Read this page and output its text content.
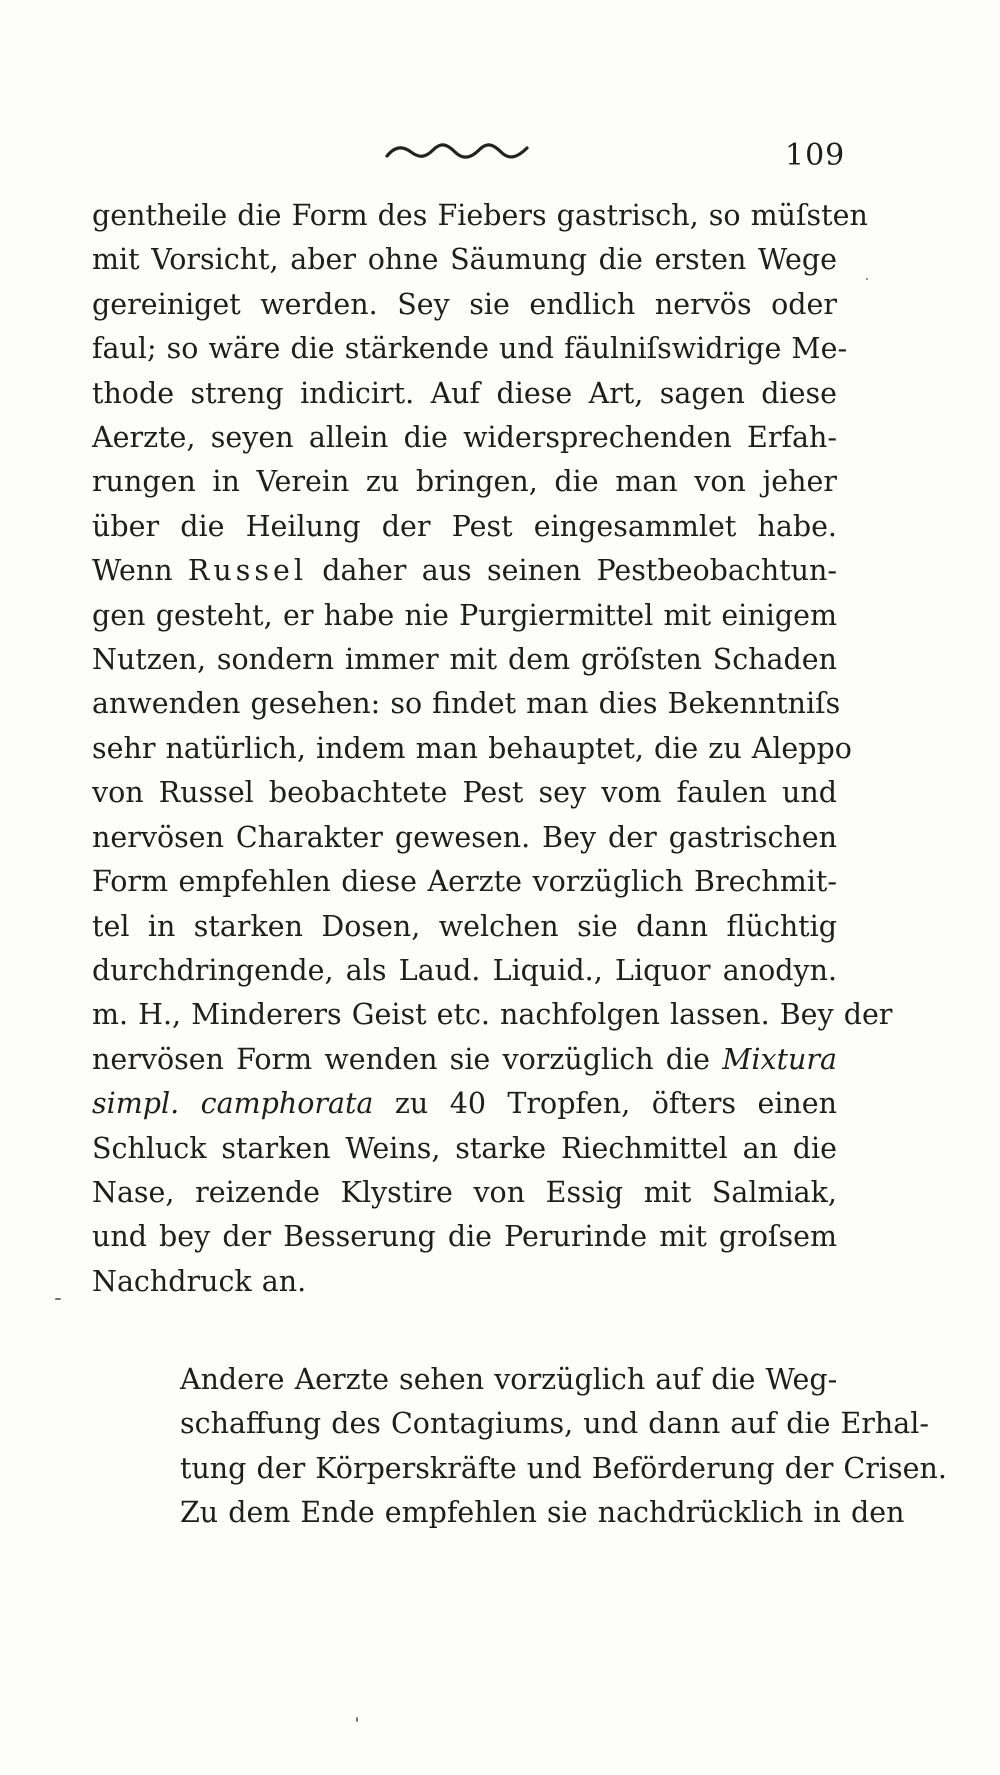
109
gentheile die Form des Fiebers gastrisch, so müſsten
mit Vorsicht, aber ohne Säumung die ersten Wege
gereiniget werden. Sey sie endlich nervös oder
faul; so wäre die stärkende und fäulniſswidrige Me-
thode streng indicirt. Auf diese Art, sagen diese
Aerzte, seyen allein die widersprechenden Erfah-
rungen in Verein zu bringen, die man von jeher
über die Heilung der Pest eingesammlet habe.
Wenn Russel daher aus seinen Pestbeobachtun-
gen gesteht, er habe nie Purgiermittel mit einigem
Nutzen, sondern immer mit dem gröſsten Schaden
anwenden gesehen: so findet man dies Bekenntniſs
sehr natürlich, indem man behauptet, die zu Aleppo
von Russel beobachtete Pest sey vom faulen und
nervösen Charakter gewesen. Bey der gastrischen
Form empfehlen diese Aerzte vorzüglich Brechmit-
tel in starken Dosen, welchen sie dann flüchtig
durchdringende, als Laud. Liquid., Liquor anodyn.
m. H., Minderers Geist etc. nachfolgen lassen. Bey der
nervösen Form wenden sie vorzüglich die Mixtura
simpl. camphorata zu 40 Tropfen, öfters einen
Schluck starken Weins, starke Riechmittel an die
Nase, reizende Klystire von Essig mit Salmiak,
und bey der Besserung die Perurinde mit groſsem
Nachdruck an.
Andere Aerzte sehen vorzüglich auf die Weg-
schaffung des Contagiums, und dann auf die Erhal-
tung der Körperskräfte und Beförderung der Crisen.
Zu dem Ende empfehlen sie nachdrücklich in den
